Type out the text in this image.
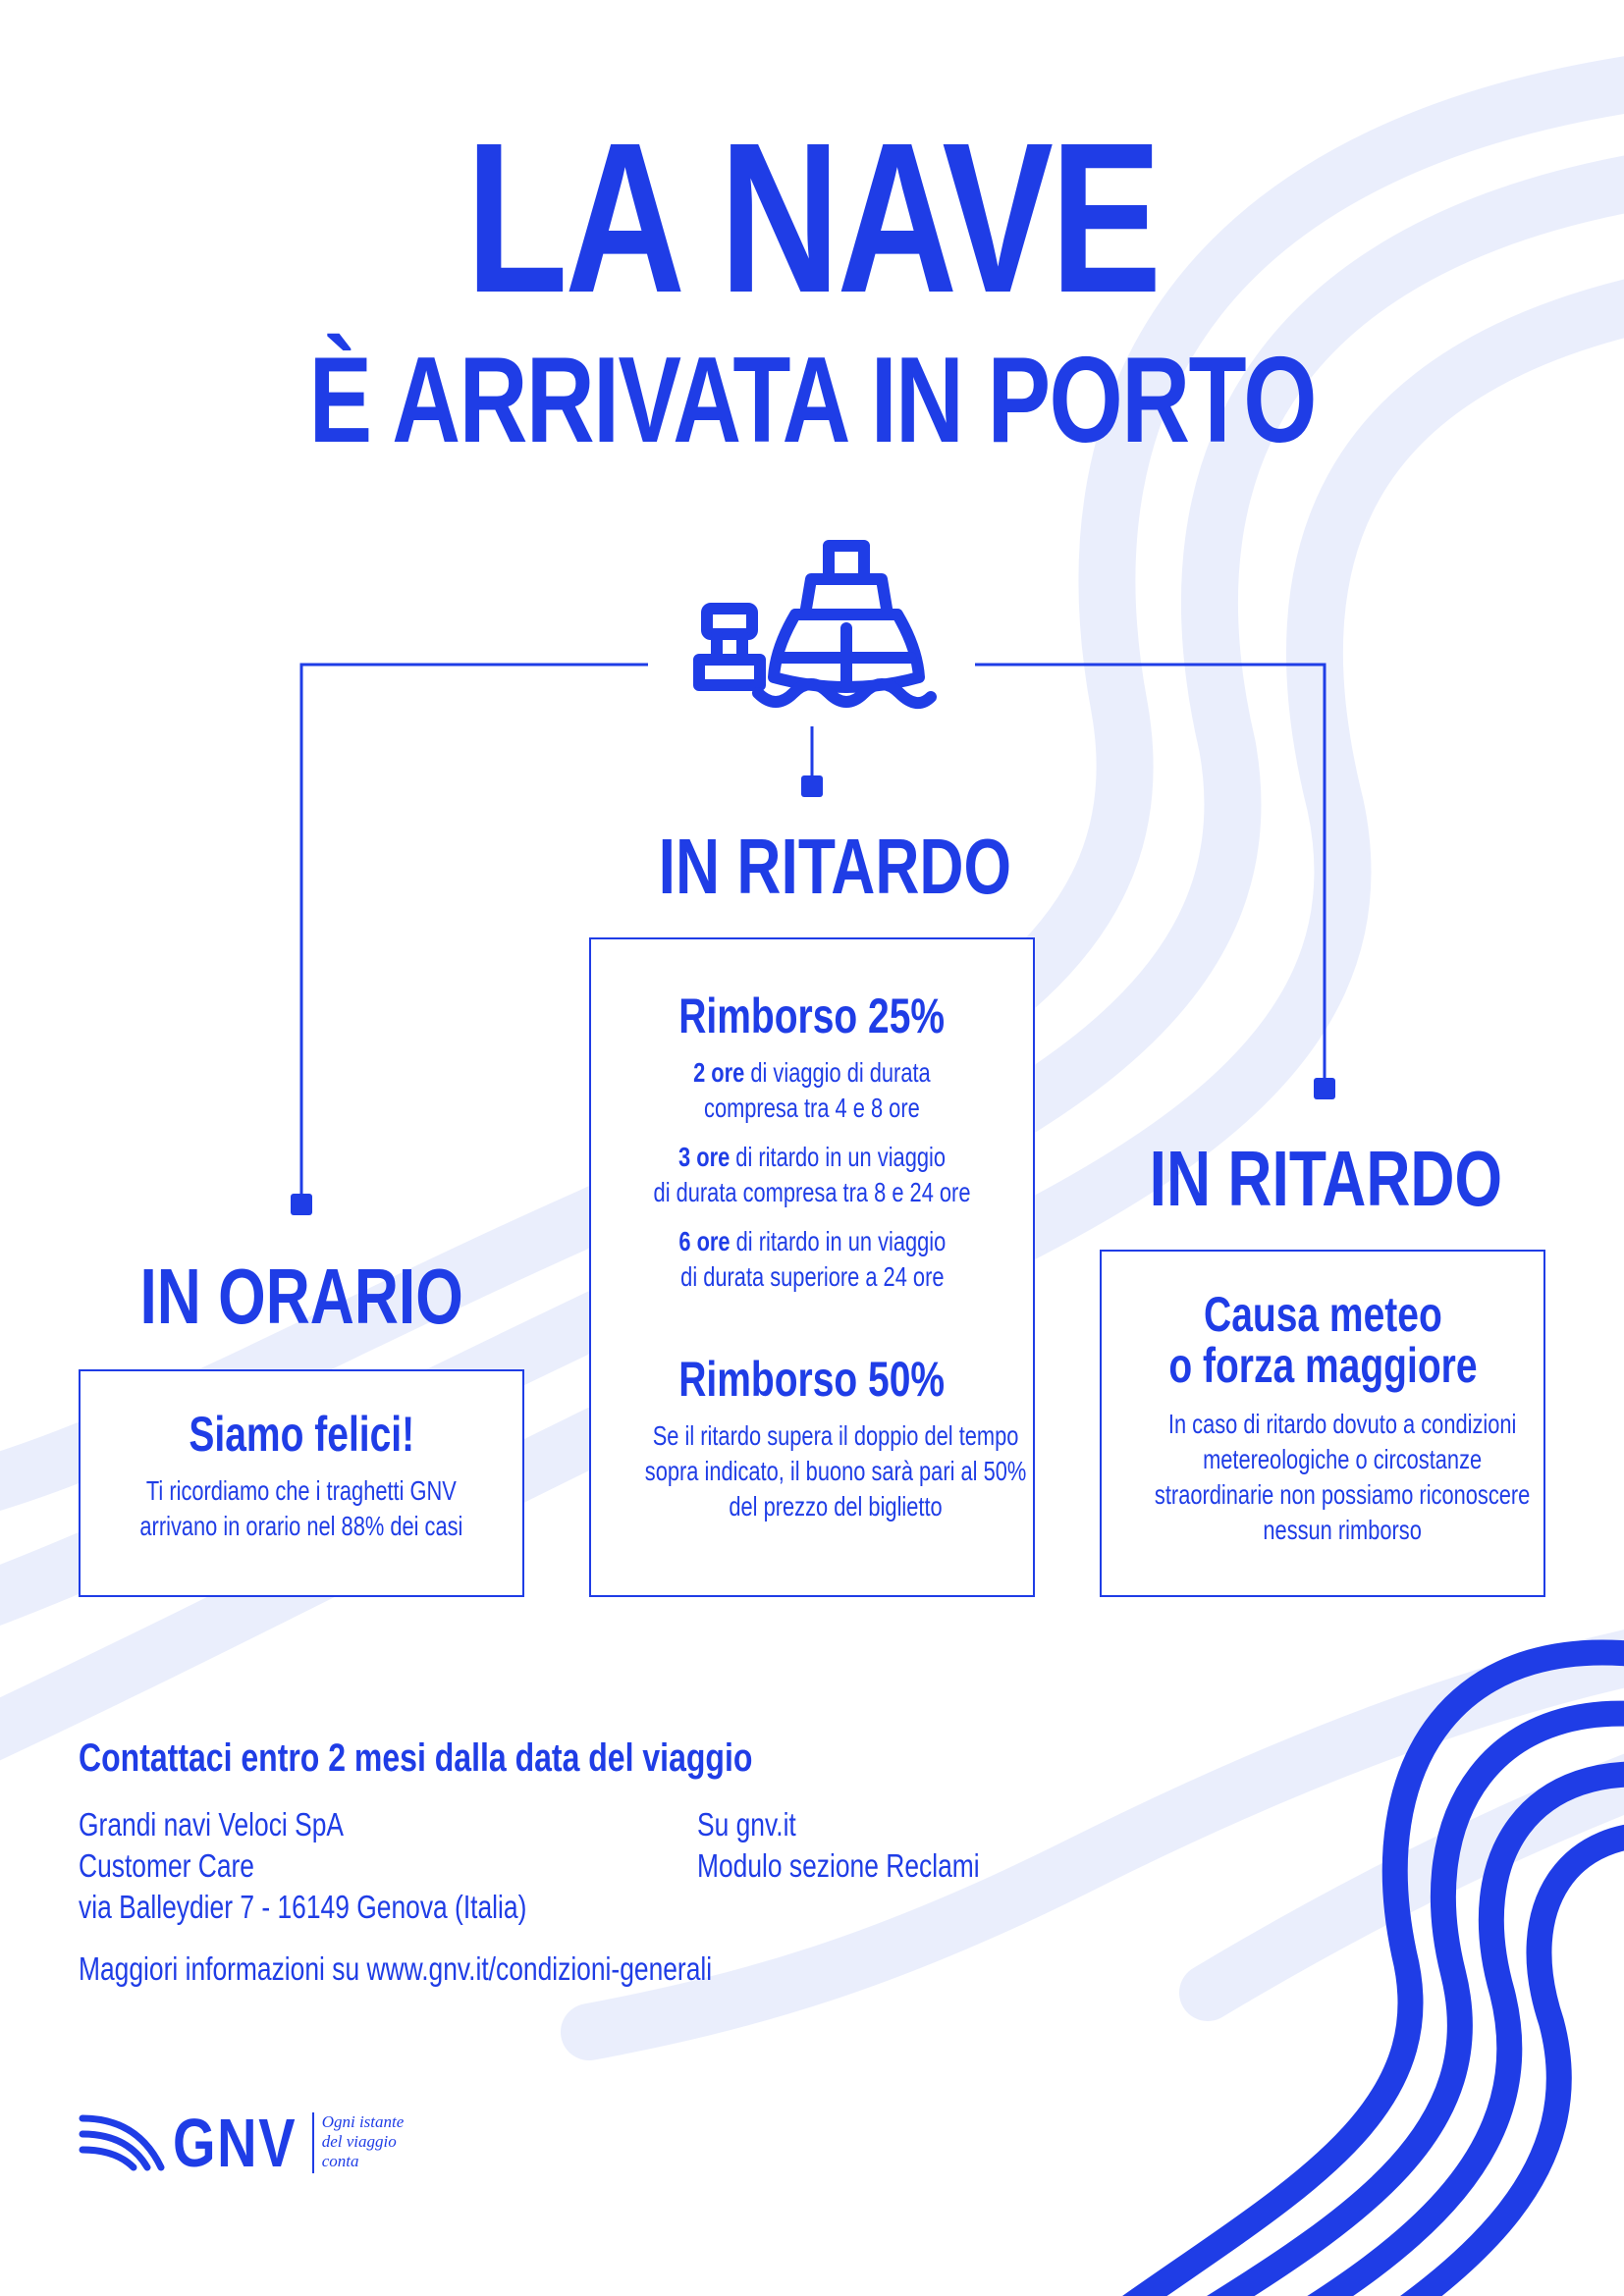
LA NAVE
È ARRIVATA IN PORTO
IN RITARDO
Rimborso 25%
2 ore di viaggio di durata
compresa tra 4 e 8 ore
3 ore di ritardo in un viaggio
di durata compresa tra 8 e 24 ore
6 ore di ritardo in un viaggio
di durata superiore a 24 ore
Rimborso 50%
Se il ritardo supera il doppio del tempo
sopra indicato, il buono sarà pari al 50%
del prezzo del biglietto
IN ORARIO
Siamo felici!
Ti ricordiamo che i traghetti GNV
arrivano in orario nel 88% dei casi
IN RITARDO
Causa meteo
o forza maggiore
In caso di ritardo dovuto a condizioni
metereologiche o circostanze
straordinarie non possiamo riconoscere
nessun rimborso
Contattaci entro 2 mesi dalla data del viaggio
Grandi navi Veloci SpA
Customer Care
via Balleydier 7 - 16149 Genova (Italia)
Su gnv.it
Modulo sezione Reclami
Maggiori informazioni su www.gnv.it/condizioni-generali
GNV	Ogni istante
del viaggio
conta
